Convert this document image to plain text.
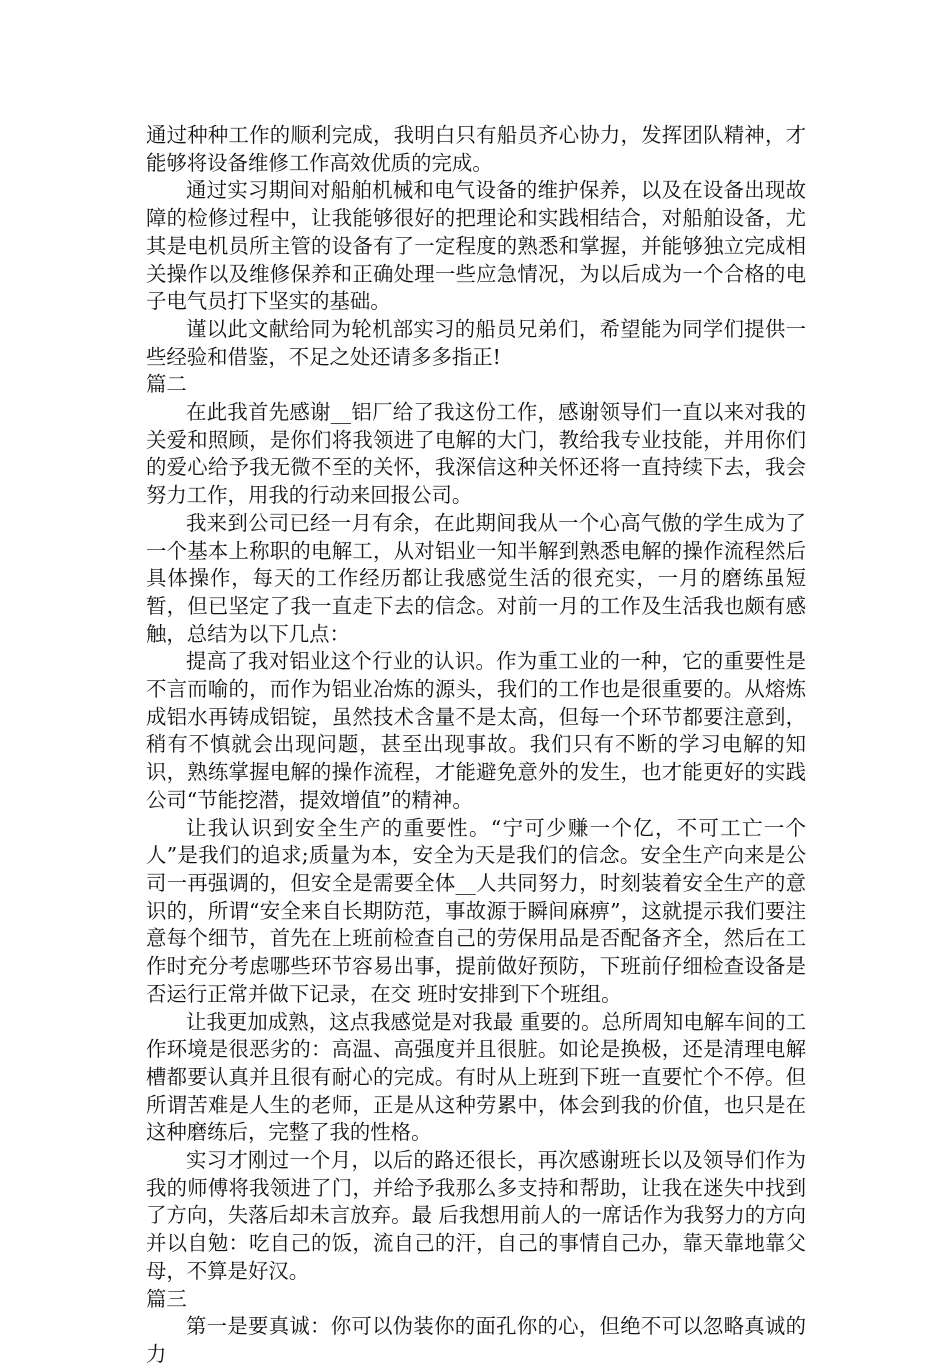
通过种种工作的顺利完成，我明白只有船员齐心协力，发挥团队精神，才能够将设备维修工作高效优质的完成。

通过实习期间对船舶机械和电气设备的维护保养，以及在设备出现故障的检修过程中，让我能够很好的把理论和实践相结合，对船舶设备，尤其是电机员所主管的设备有了一定程度的熟悉和掌握，并能够独立完成相关操作以及维修保养和正确处理一些应急情况，为以后成为一个合格的电子电气员打下坚实的基础。

谨以此文献给同为轮机部实习的船员兄弟们，希望能为同学们提供一些经验和借鉴，不足之处还请多多指正!

篇二

在此我首先感谢__铝厂给了我这份工作，感谢领导们一直以来对我的关爱和照顾，是你们将我领进了电解的大门，教给我专业技能，并用你们的爱心给予我无微不至的关怀，我深信这种关怀还将一直持续下去，我会努力工作，用我的行动来回报公司。

我来到公司已经一月有余，在此期间我从一个心高气傲的学生成为了一个基本上称职的电解工，从对铝业一知半解到熟悉电解的操作流程然后具体操作，每天的工作经历都让我感觉生活的很充实，一月的磨练虽短暂，但已坚定了我一直走下去的信念。对前一月的工作及生活我也颇有感触，总结为以下几点：

提高了我对铝业这个行业的认识。作为重工业的一种，它的重要性是不言而喻的，而作为铝业冶炼的源头，我们的工作也是很重要的。从熔炼成铝水再铸成铝锭，虽然技术含量不是太高，但每一个环节都要注意到，稍有不慎就会出现问题，甚至出现事故。我们只有不断的学习电解的知识，熟练掌握电解的操作流程，才能避免意外的发生，也才能更好的实践公司“节能挖潜，提效增值”的精神。

让我认识到安全生产的重要性。“宁可少赚一个亿，不可工亡一个人”是我们的追求;质量为本，安全为天是我们的信念。安全生产向来是公司一再强调的，但安全是需要全体__人共同努力，时刻装着安全生产的意识的，所谓“安全来自长期防范，事故源于瞬间麻痹”，这就提示我们要注意每个细节，首先在上班前检查自己的劳保用品是否配备齐全，然后在工作时充分考虑哪些环节容易出事，提前做好预防，下班前仔细检查设备是否运行正常并做下记录，在交 班时安排到下个班组。

让我更加成熟，这点我感觉是对我最 重要的。总所周知电解车间的工作环境是很恶劣的：高温、高强度并且很脏。如论是换极，还是清理电解槽都要认真并且很有耐心的完成。有时从上班到下班一直要忙个不停。但所谓苦难是人生的老师，正是从这种劳累中，体会到我的价值，也只是在这种磨练后，完整了我的性格。

实习才刚过一个月，以后的路还很长，再次感谢班长以及领导们作为我的师傅将我领进了门，并给予我那么多支持和帮助，让我在迷失中找到了方向，失落后却未言放弃。最 后我想用前人的一席话作为我努力的方向并以自勉：吃自己的饭，流自己的汗，自己的事情自己办，靠天靠地靠父母，不算是好汉。

篇三

第一是要真诚：你可以伪装你的面孔你的心，但绝不可以忽略真诚的力
